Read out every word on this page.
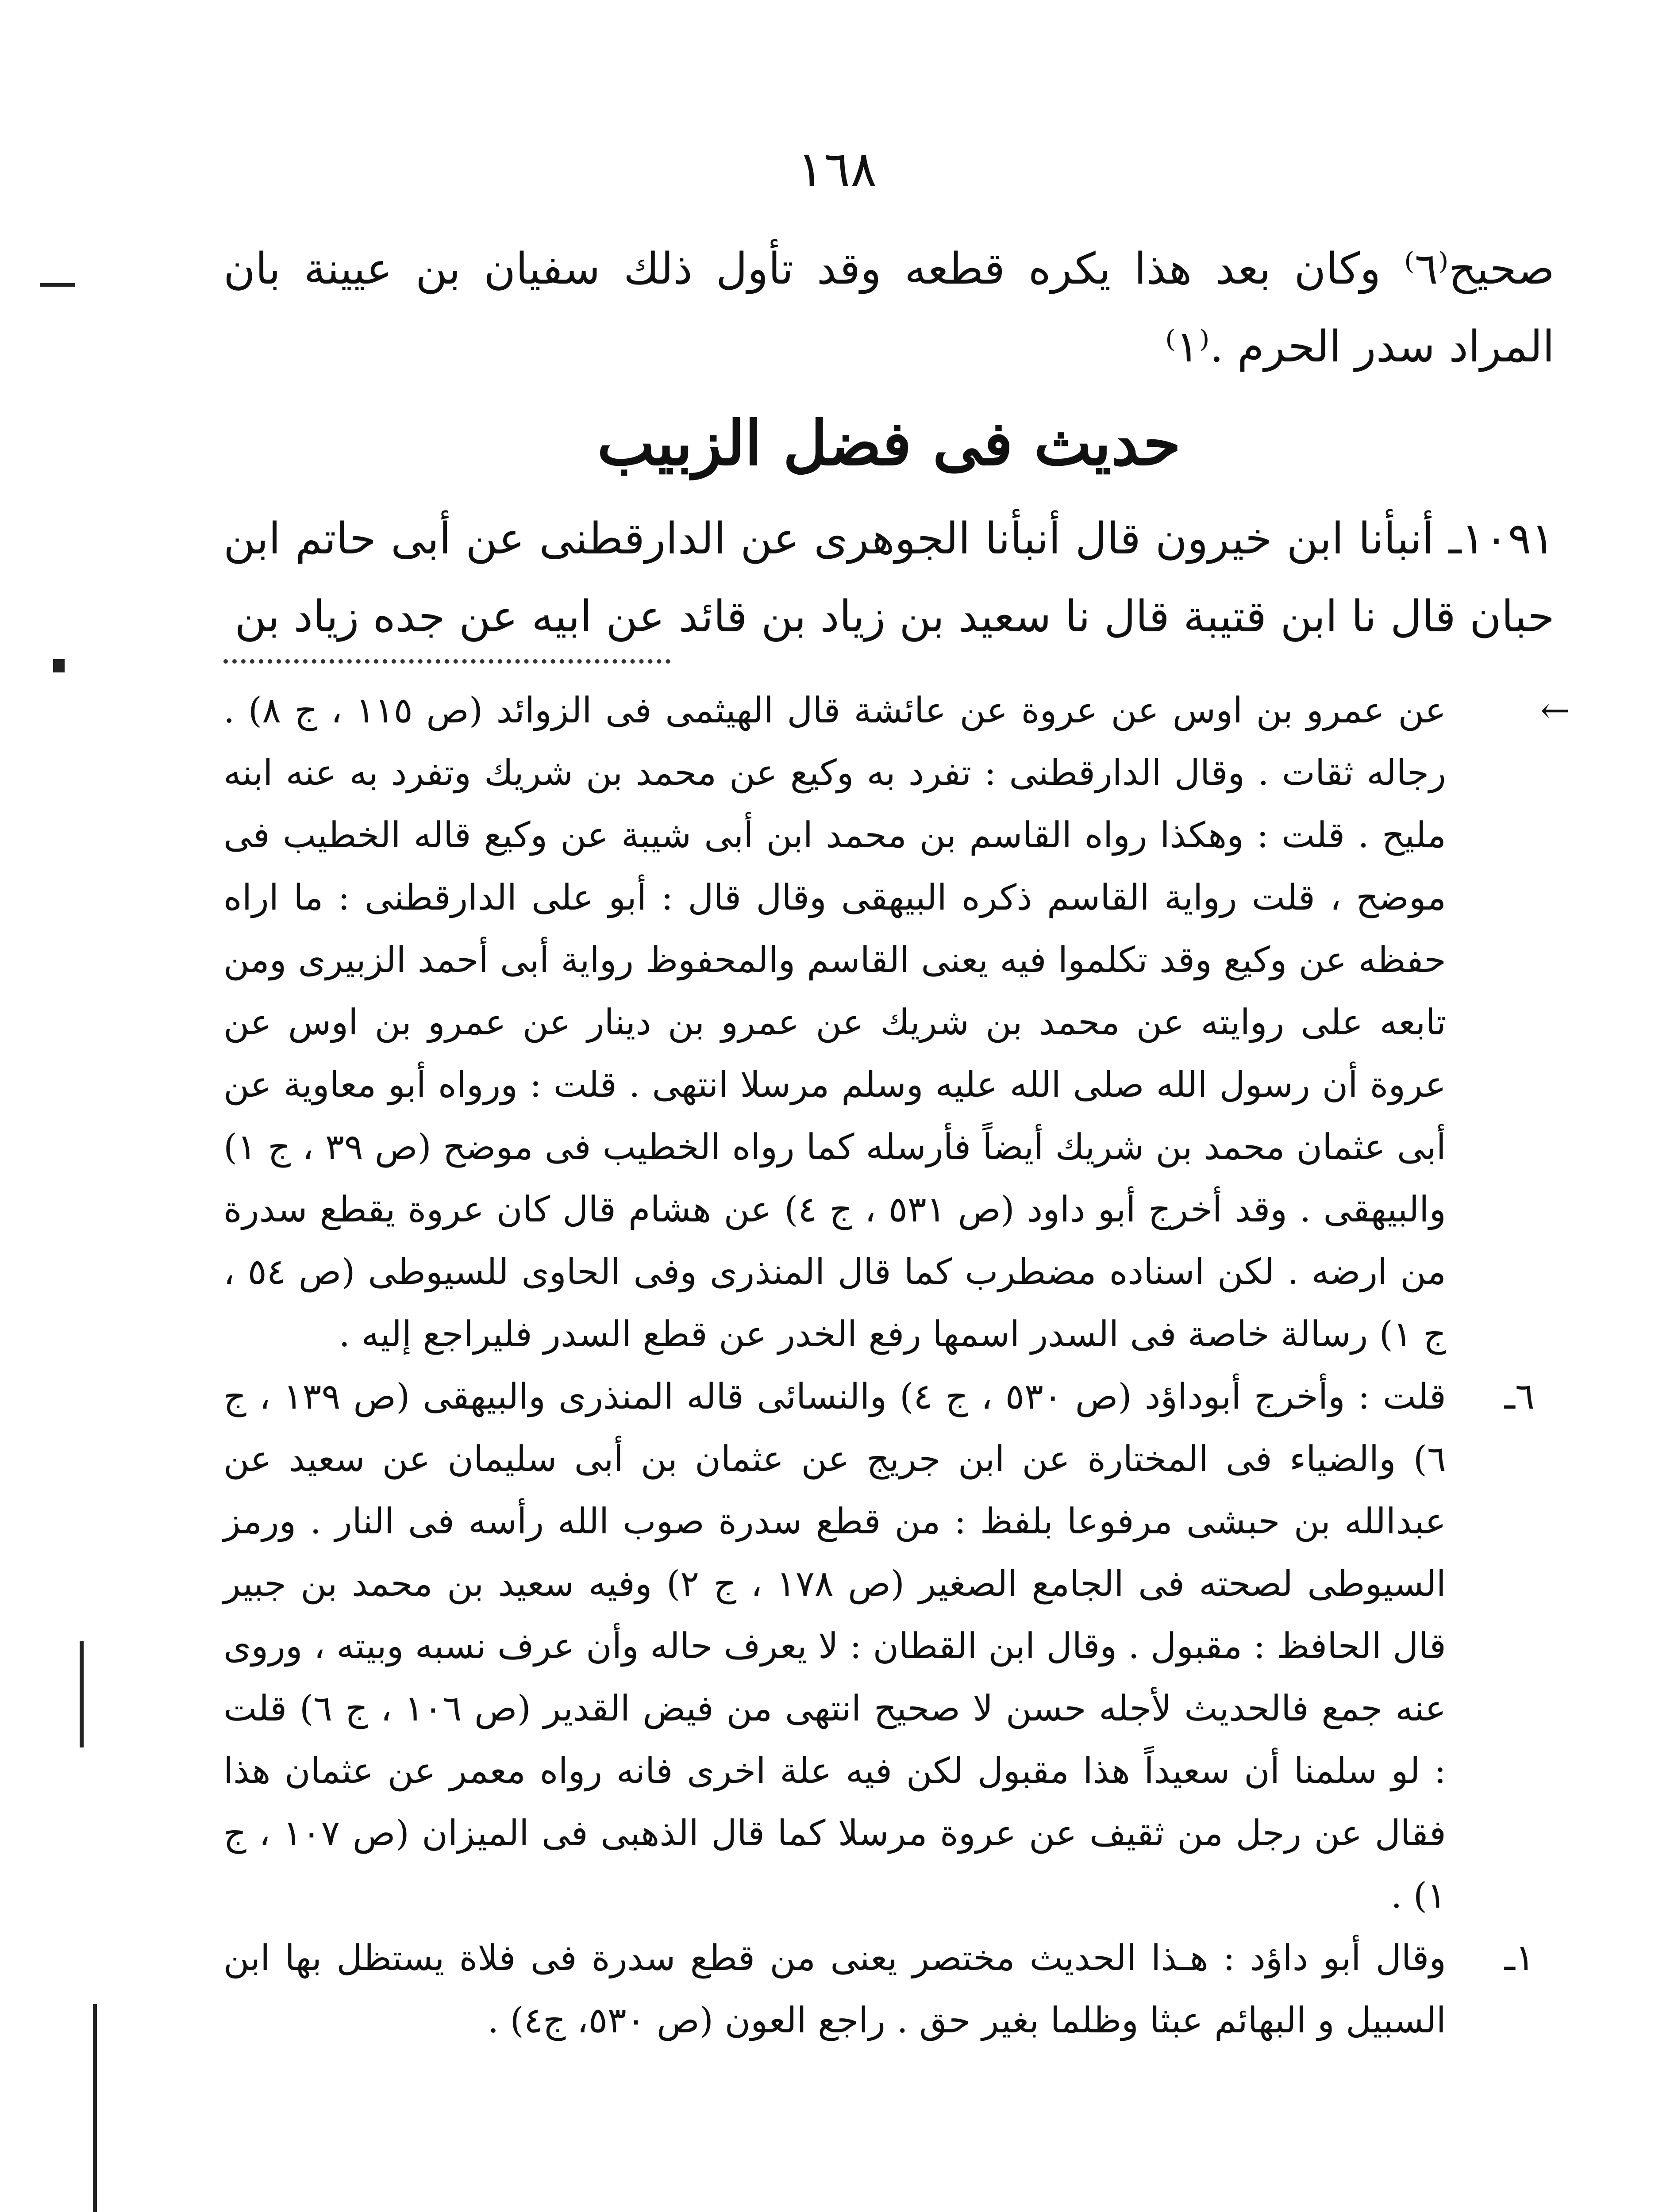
١٦٨

صحيح⁽٦⁾ وكان بعد هذا يكره قطعه وقد تأول ذلك سفيان بن عيينة بان المراد سدر الحرم .⁽١⁾

حديث فى فضل الزبيب

١٠٩١ـ أنبأنا ابن خيرون قال أنبأنا الجوهرى عن الدارقطنى عن أبى حاتم ابن حبان قال نا ابن قتيبة قال نا سعيد بن زياد بن قائد عن ابيه عن جده زياد بن

←

عن عمرو بن اوس عن عروة عن عائشة قال الهيثمى فى الزوائد (ص ١١٥ ، ج ٨) . رجاله ثقات . وقال الدارقطنى : تفرد به وكيع عن محمد بن شريك وتفرد به عنه ابنه مليح . قلت : وهكذا رواه القاسم بن محمد ابن أبى شيبة عن وكيع قاله الخطيب فى موضح ، قلت رواية القاسم ذكره البيهقى وقال قال : أبو على الدارقطنى : ما اراه حفظه عن وكيع وقد تكلموا فيه يعنى القاسم والمحفوظ رواية أبى أحمد الزبيرى ومن تابعه على روايته عن محمد بن شريك عن عمرو بن دينار عن عمرو بن اوس عن عروة أن رسول الله صلى الله عليه وسلم مرسلا انتهى . قلت : ورواه أبو معاوية عن أبى عثمان محمد بن شريك أيضاً فأرسله كما رواه الخطيب فى موضح (ص ٣٩ ، ج ١) والبيهقى . وقد أخرج أبو داود (ص ٥٣١ ، ج ٤) عن هشام قال كان عروة يقطع سدرة من ارضه . لكن اسناده مضطرب كما قال المنذرى وفى الحاوى للسيوطى (ص ٥٤ ، ج ١) رسالة خاصة فى السدر اسمها رفع الخدر عن قطع السدر فليراجع إليه .

٦ـ

قلت : وأخرج أبوداؤد (ص ٥٣٠ ، ج ٤) والنسائى قاله المنذرى والبيهقى (ص ١٣٩ ، ج ٦) والضياء فى المختارة عن ابن جريج عن عثمان بن أبى سليمان عن سعيد عن عبدالله بن حبشى مرفوعا بلفظ : من قطع سدرة صوب الله رأسه فى النار . ورمز السيوطى لصحته فى الجامع الصغير (ص ١٧٨ ، ج ٢) وفيه سعيد بن محمد بن جبير قال الحافظ : مقبول . وقال ابن القطان : لا يعرف حاله وأن عرف نسبه وبيته ، وروى عنه جمع فالحديث لأجله حسن لا صحيح انتهى من فيض القدير (ص ١٠٦ ، ج ٦) قلت : لو سلمنا أن سعيداً هذا مقبول لكن فيه علة اخرى فانه رواه معمر عن عثمان هذا فقال عن رجل من ثقيف عن عروة مرسلا كما قال الذهبى فى الميزان (ص ١٠٧ ، ج ١) .

١ـ

وقال أبو داؤد : هـذا الحديث مختصر يعنى من قطع سدرة فى فلاة يستظل بها ابن السبيل و البهائم عبثا وظلما بغير حق . راجع العون (ص ٥٣٠، ج٤) .
